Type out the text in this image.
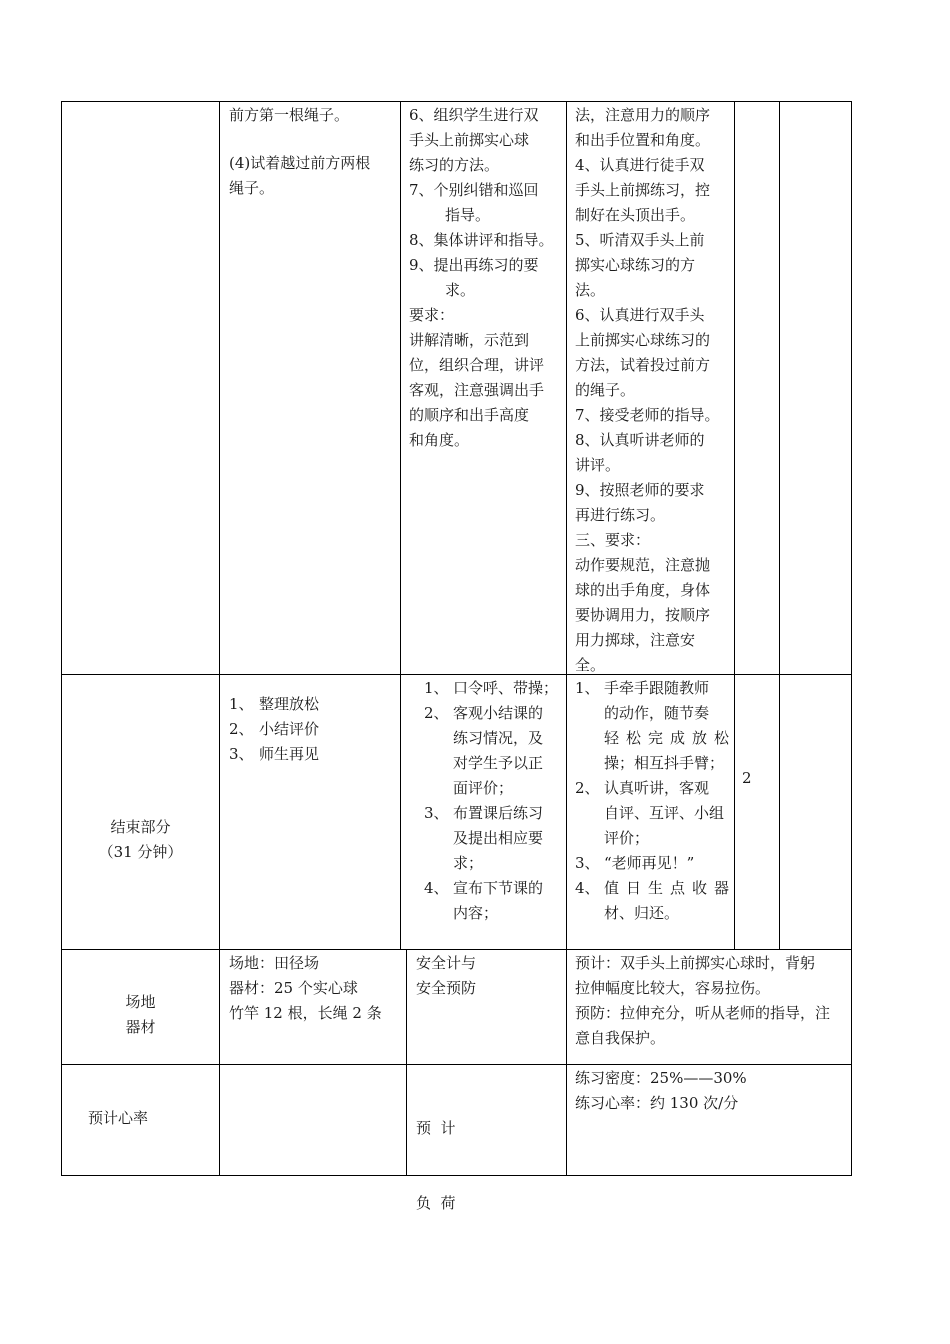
前方第一根绳子。
(4)试着越过前方两根
绳子。
6、组织学生进行双
手头上前掷实心球
练习的方法。
7、个别纠错和巡回
指导。
8、集体讲评和指导。
9、提出再练习的要
求。
要求：
讲解清晰，示范到
位，组织合理，讲评
客观，注意强调出手
的顺序和出手高度
和角度。
法，注意用力的顺序
和出手位置和角度。
4、认真进行徒手双
手头上前掷练习，控
制好在头顶出手。
5、听清双手头上前
掷实心球练习的方
法。
6、认真进行双手头
上前掷实心球练习的
方法，试着投过前方
的绳子。
7、接受老师的指导。
8、认真听讲老师的
讲评。
9、按照老师的要求
再进行练习。
三、要求：
动作要规范，注意抛
球的出手角度，身体
要协调用力，按顺序
用力掷球，注意安
全。
结束部分
（31 分钟）
1、 整理放松
2、 小结评价
3、 师生再见
1、 口令呼、带操；
2、 客观小结课的
练习情况，及
对学生予以正
面评价；
3、 布置课后练习
及提出相应要
求；
4、 宣布下节课的
内容；
1、 手牵手跟随教师
的动作，随节奏
轻松完成放松
操；相互抖手臂；
2、 认真听讲，客观
自评、互评、小组
评价；
3、 “老师再见！”
4、 值日生点收器
材、归还。
2
场地
器材
场地：田径场
器材：25 个实心球
竹竿 12 根，长绳 2 条
安全计与
安全预防
预计：双手头上前掷实心球时，背躬
拉伸幅度比较大，容易拉伤。
预防：拉伸充分，听从老师的指导，注
意自我保护。
预计心率

预  计

负  荷

练习密度：25%——30%
练习心率：约 130 次/分
